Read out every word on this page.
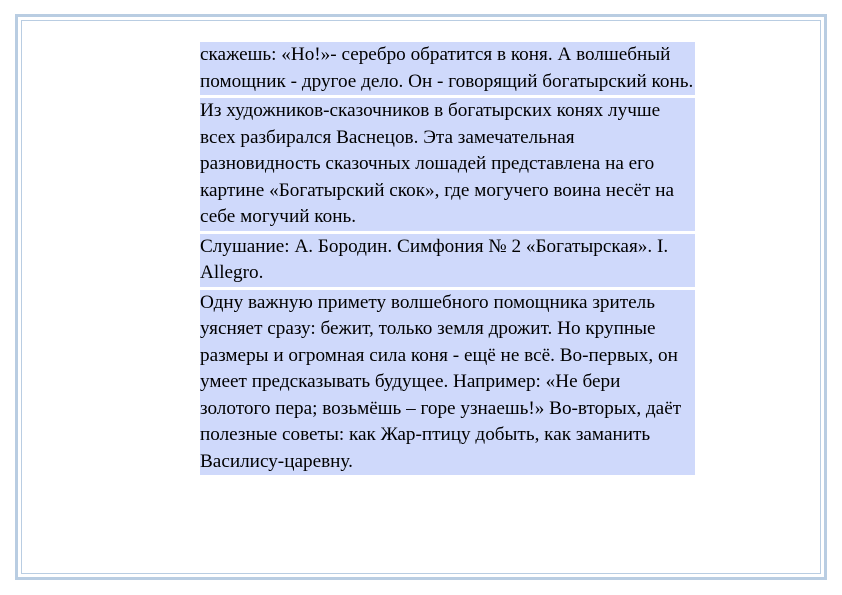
скажешь: «Но!»- серебро обратится в коня. А волшебный помощник - другое дело. Он - говорящий богатырский конь.

Из художников-сказочников в богатырских конях лучше всех разбирался Васнецов. Эта замечательная разновидность сказочных лошадей представлена на его картине «Богатырский скок», где могучего воина несёт на себе могучий конь.

Слушание: А. Бородин. Симфония № 2 «Богатырская». I. Allegro.

Одну важную примету волшебного помощника зритель уясняет сразу: бежит, только земля дрожит. Но крупные размеры и огромная сила коня - ещё не всё. Во-первых, он умеет предсказывать будущее. Например: «Не бери золотого пера; возьмёшь – горе узнаешь!» Во-вторых, даёт полезные советы: как Жар-птицу добыть, как заманить Василису-царевну.
